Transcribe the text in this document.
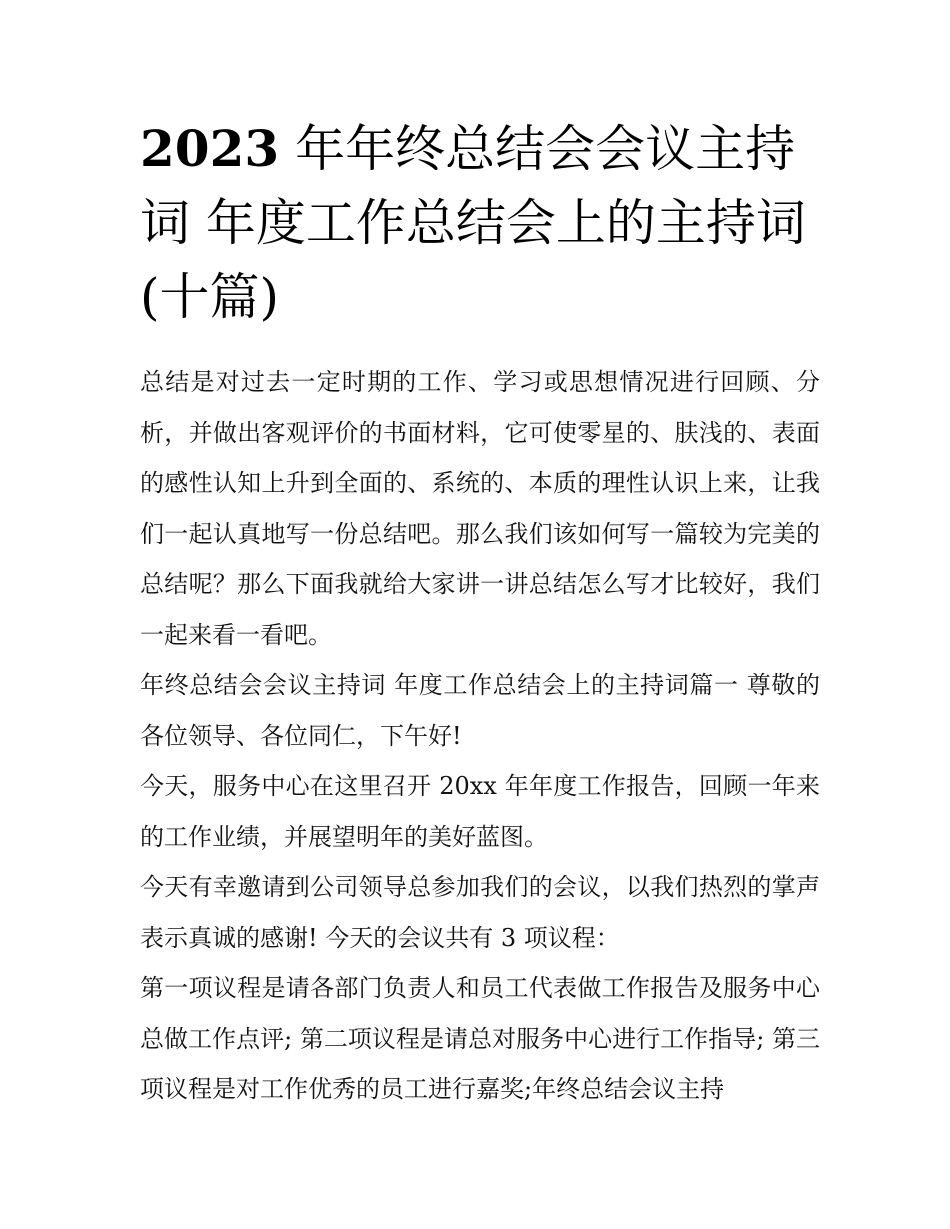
2023 年年终总结会会议主持词 年度工作总结会上的主持词(十篇)

总结是对过去一定时期的工作、学习或思想情况进行回顾、分析，并做出客观评价的书面材料，它可使零星的、肤浅的、表面的感性认知上升到全面的、系统的、本质的理性认识上来，让我们一起认真地写一份总结吧。那么我们该如何写一篇较为完美的总结呢？那么下面我就给大家讲一讲总结怎么写才比较好，我们一起来看一看吧。

年终总结会会议主持词 年度工作总结会上的主持词篇一 尊敬的各位领导、各位同仁，下午好!

今天，服务中心在这里召开 20xx 年年度工作报告，回顾一年来的工作业绩，并展望明年的美好蓝图。

今天有幸邀请到公司领导总参加我们的会议，以我们热烈的掌声表示真诚的感谢! 今天的会议共有 3 项议程：

第一项议程是请各部门负责人和员工代表做工作报告及服务中心总做工作点评; 第二项议程是请总对服务中心进行工作指导; 第三项议程是对工作优秀的员工进行嘉奖;年终总结会议主持
